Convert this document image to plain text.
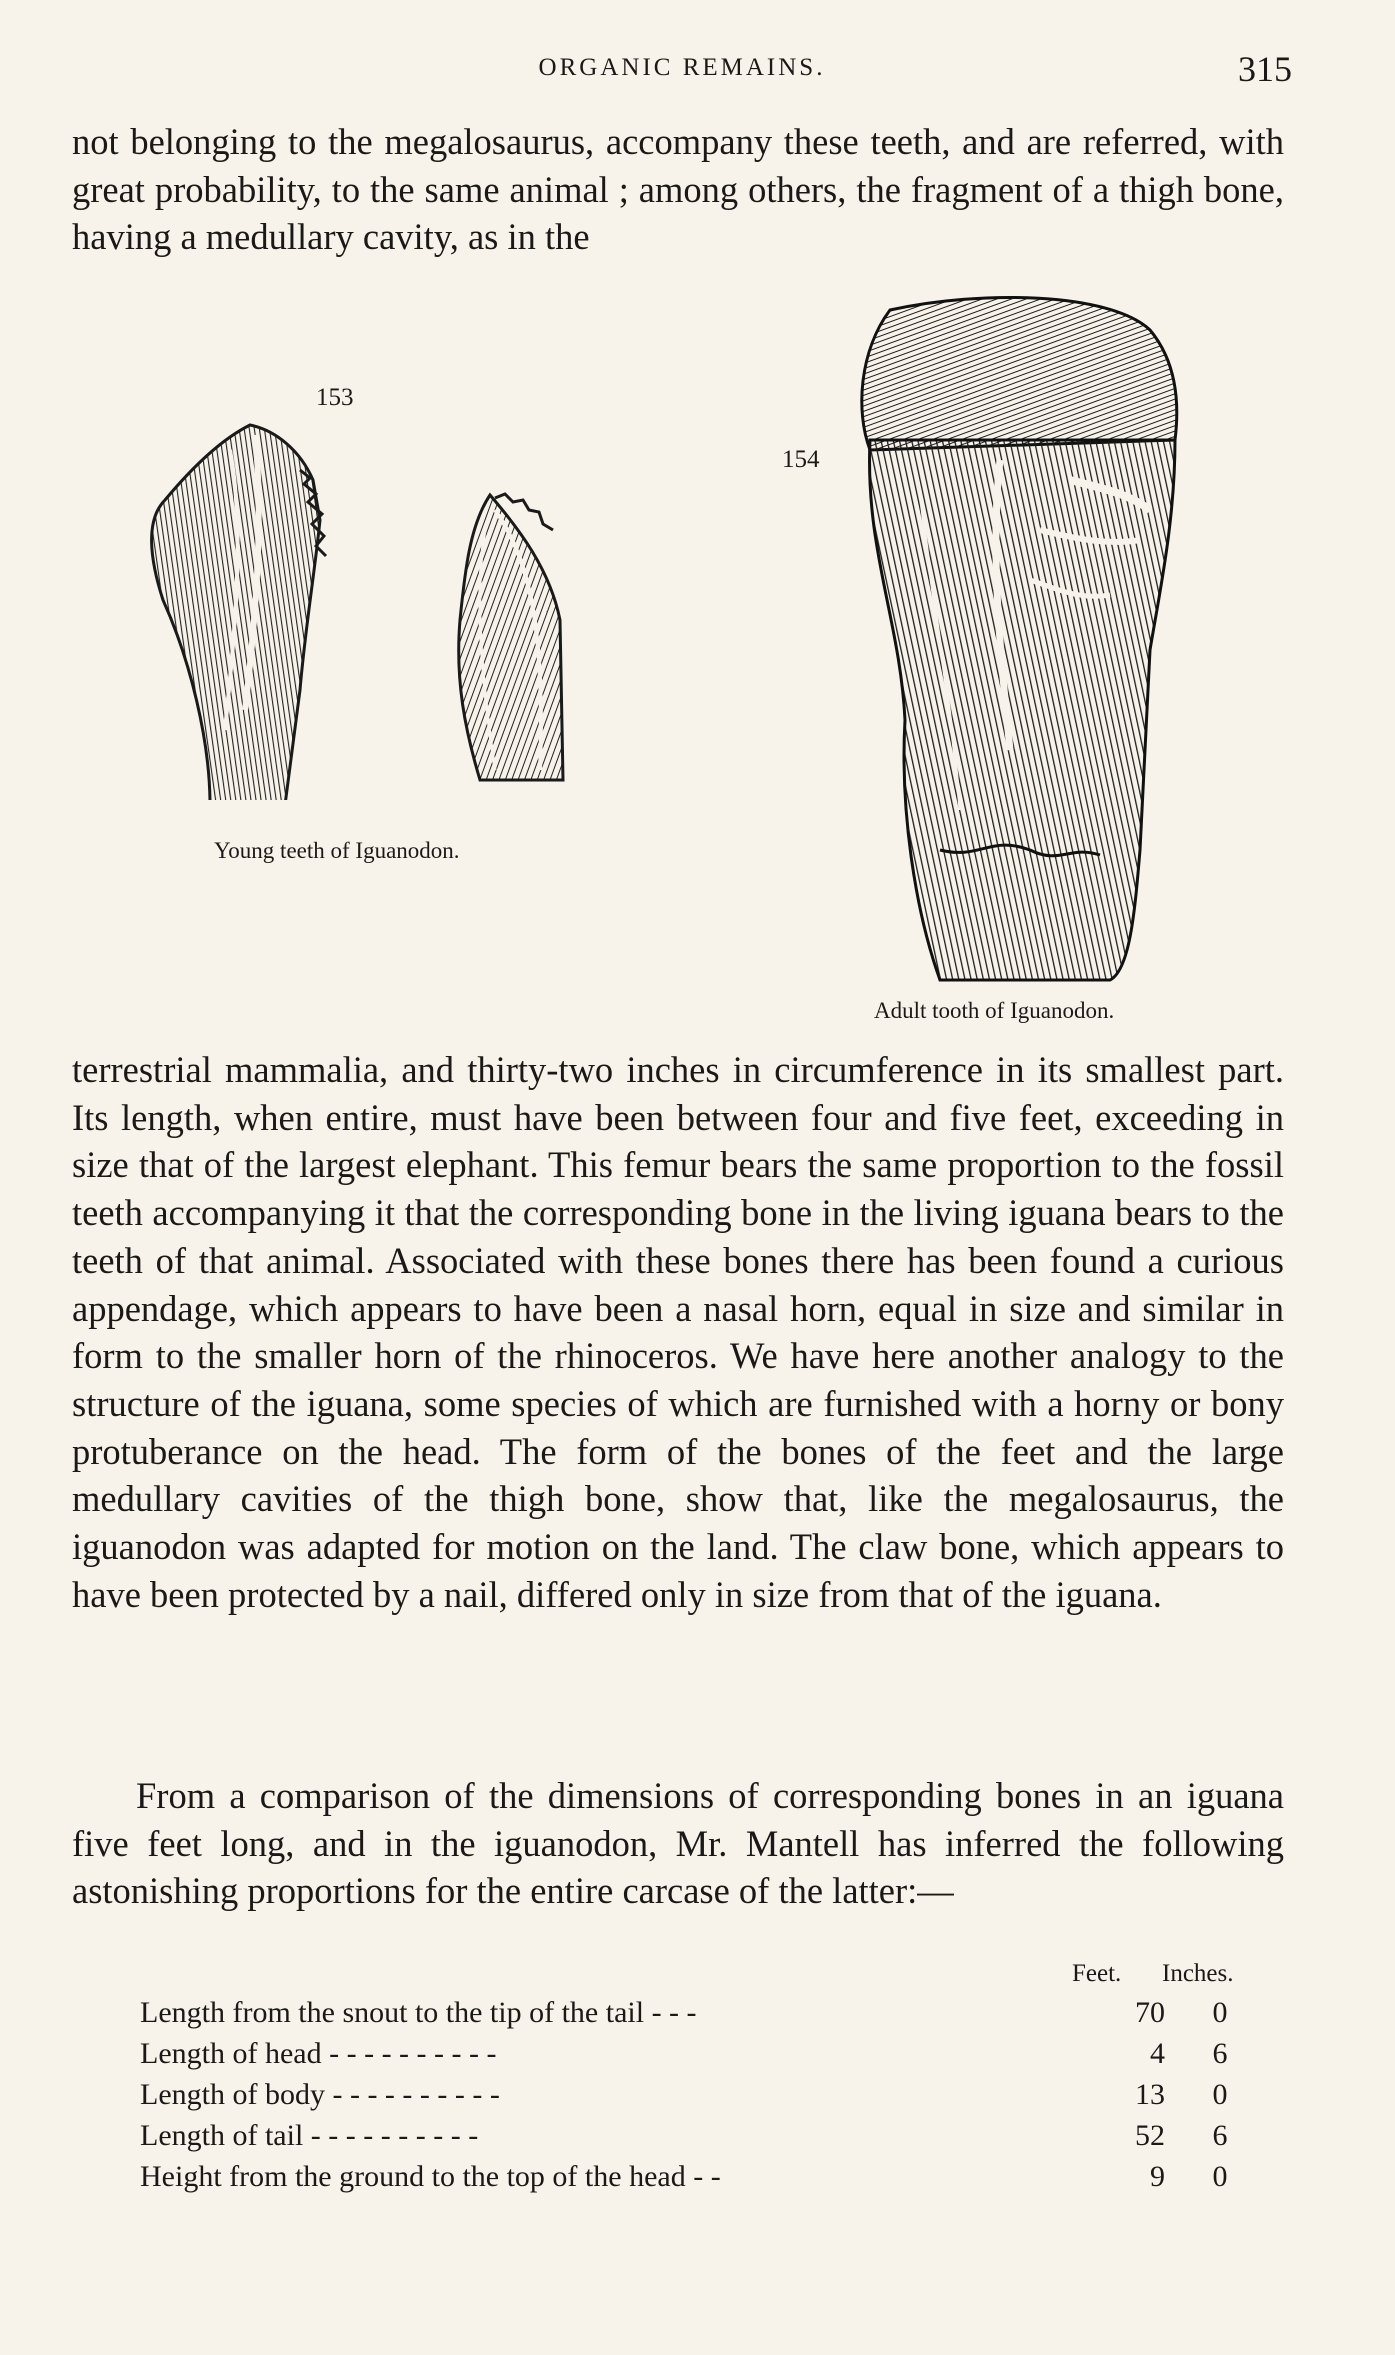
ORGANIC REMAINS.	315

not belonging to the megalosaurus, accompany these teeth, and are referred, with great probability, to the same animal ; among others, the fragment of a thigh bone, having a medullary cavity, as in the

153
Young teeth of Iguanodon.
154
Adult tooth of Iguanodon.

terrestrial mammalia, and thirty-two inches in circumference in its smallest part. Its length, when entire, must have been between four and five feet, exceeding in size that of the largest elephant. This femur bears the same proportion to the fossil teeth accompanying it that the corresponding bone in the living iguana bears to the teeth of that animal. Associated with these bones there has been found a curious appendage, which appears to have been a nasal horn, equal in size and similar in form to the smaller horn of the rhinoceros. We have here another analogy to the structure of the iguana, some species of which are furnished with a horny or bony protuberance on the head. The form of the bones of the feet and the large medullary cavities of the thigh bone, show that, like the megalosaurus, the iguanodon was adapted for motion on the land. The claw bone, which appears to have been protected by a nail, differed only in size from that of the iguana.

From a comparison of the dimensions of corresponding bones in an iguana five feet long, and in the iguanodon, Mr. Mantell has inferred the following astonishing proportions for the entire carcase of the latter:—

Feet. Inches.
Length from the snout to the tip of the tail - - -	70	0
Length of head - - - - - - - - - -	4	6
Length of body - - - - - - - - - -	13	0
Length of tail - - - - - - - - - -	52	6
Height from the ground to the top of the head - -	9	0
